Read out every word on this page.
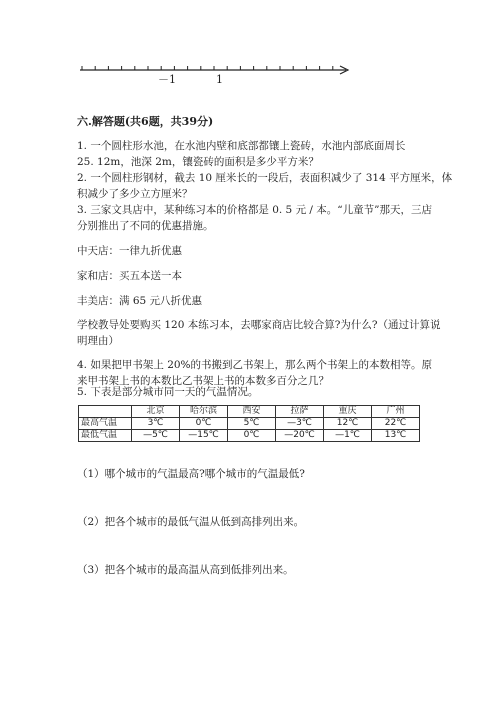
－1	1
六.解答题(共6题，共39分)
1. 一个圆柱形水池，在水池内壁和底部都镶上瓷砖，水池内部底面周长
25. 12m，池深 2m，镶瓷砖的面积是多少平方米？
2. 一个圆柱形钢材，截去 10 厘米长的一段后，表面积减少了 314 平方厘米，体
积减少了多少立方厘米？
3. 三家文具店中，某种练习本的价格都是 0. 5 元 / 本。“儿童节”那天，三店
分别推出了不同的优惠措施。
中天店：一律九折优惠
家和店：买五本送一本
丰美店：满 65 元八折优惠
学校教导处要购买 120 本练习本，去哪家商店比较合算?为什么?（通过计算说
明理由）
4. 如果把甲书架上 20%的书搬到乙书架上，那么两个书架上的本数相等。原
来甲书架上书的本数比乙书架上书的本数多百分之几？
5. 下表是部分城市同一天的气温情况。
	北京	哈尔滨	西安	拉萨	重庆	广州
最高气温	3℃	0℃	5℃	—3℃	12℃	22℃
最低气温	—5℃	—15℃	0℃	—20℃	—1℃	13℃
（1）哪个城市的气温最高?哪个城市的气温最低?
（2）把各个城市的最低气温从低到高排列出来。
（3）把各个城市的最高温从高到低排列出来。
